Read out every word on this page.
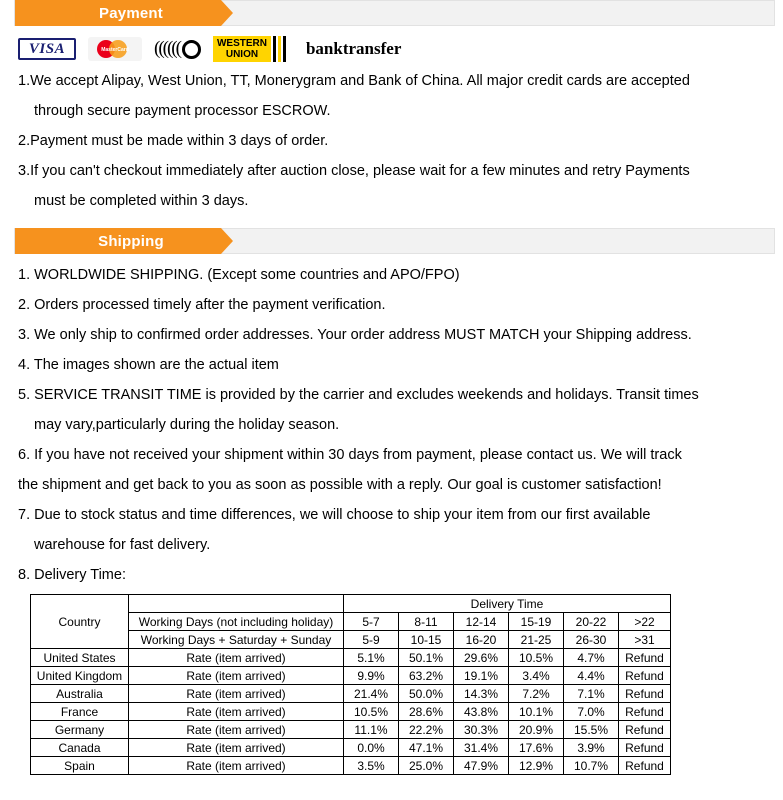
Payment
VISA	MasterCard ((((((	WESTERN
UNION	banktransfer

1.We accept Alipay, West Union, TT, Monerygram and Bank of China. All major credit cards are accepted

through secure payment processor ESCROW.

2.Payment must be made within 3 days of order.

3.If you can't checkout immediately after auction close, please wait for a few minutes and retry Payments

must be completed within 3 days.

Shipping

1. WORLDWIDE SHIPPING. (Except some countries and APO/FPO)

2. Orders processed timely after the payment verification.

3. We only ship to confirmed order addresses. Your order address MUST MATCH your Shipping address.

4. The images shown are the actual item

5. SERVICE TRANSIT TIME is provided by the carrier and excludes weekends and holidays. Transit times

may vary,particularly during the holiday season.

6. If you have not received your shipment within 30 days from payment, please contact us. We will track

the shipment and get back to you as soon as possible with a reply. Our goal is customer satisfaction!

7. Due to stock status and time differences, we will choose to ship your item from our first available

warehouse for fast delivery.

8. Delivery Time:

Country		Delivery Time					
	Working Days (not including holiday)	5-7	8-11	12-14	15-19	20-22	>22
	Working Days + Saturday + Sunday	5-9	10-15	16-20	21-25	26-30	>31
United States	Rate (item arrived)	5.1%	50.1%	29.6%	10.5%	4.7%	Refund
United Kingdom	Rate (item arrived)	9.9%	63.2%	19.1%	3.4%	4.4%	Refund
Australia	Rate (item arrived)	21.4%	50.0%	14.3%	7.2%	7.1%	Refund
France	Rate (item arrived)	10.5%	28.6%	43.8%	10.1%	7.0%	Refund
Germany	Rate (item arrived)	11.1%	22.2%	30.3%	20.9%	15.5%	Refund
Canada	Rate (item arrived)	0.0%	47.1%	31.4%	17.6%	3.9%	Refund
Spain	Rate (item arrived)	3.5%	25.0%	47.9%	12.9%	10.7%	Refund
